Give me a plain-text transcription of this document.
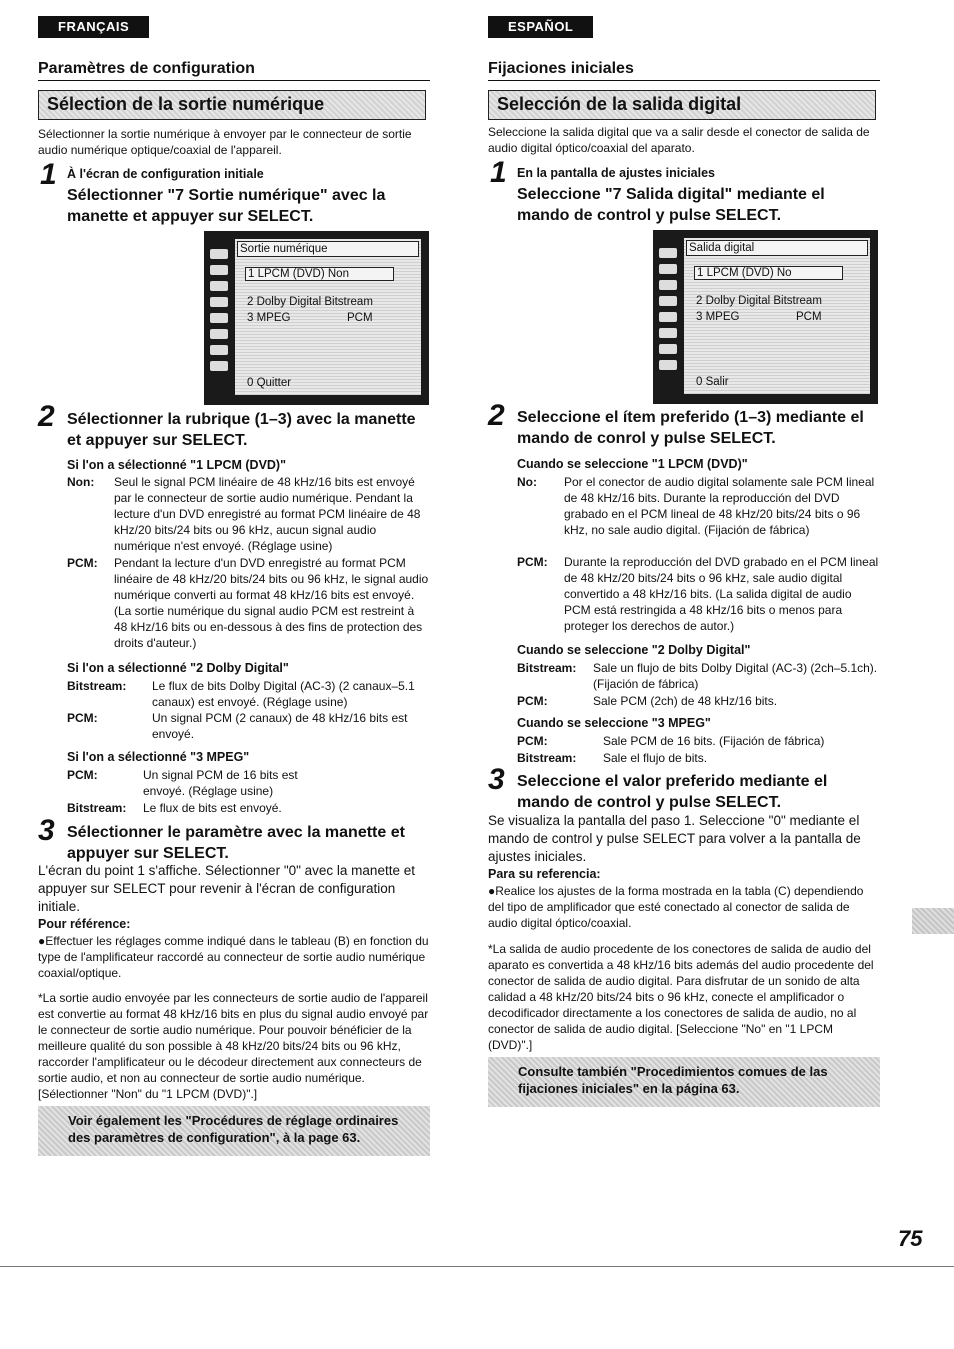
FRANÇAIS
Paramètres de configuration
Sélection de la sortie numérique
Sélectionner la sortie numérique à envoyer par le connecteur de sortie audio numérique optique/coaxial de l'appareil.
1 À l'écran de configuration initiale
Sélectionner "7 Sortie numérique" avec la manette et appuyer sur SELECT.
Sortie numérique
1 LPCM (DVD) Non
2 Dolby Digital Bitstream
3 MPEG	PCM
0 Quitter
2 Sélectionner la rubrique (1–3) avec la manette et appuyer sur SELECT.
Si l'on a sélectionné "1 LPCM (DVD)"
Non: Seul le signal PCM linéaire de 48 kHz/16 bits est envoyé par le connecteur de sortie audio numérique. Pendant la lecture d'un DVD enregistré au format PCM linéaire de 48 kHz/20 bits/24 bits ou 96 kHz, aucun signal audio numérique n'est envoyé. (Réglage usine)
PCM: Pendant la lecture d'un DVD enregistré au format PCM linéaire de 48 kHz/20 bits/24 bits ou 96 kHz, le signal audio numérique converti au format 48 kHz/16 bits est envoyé. (La sortie numérique du signal audio PCM est restreint à 48 kHz/16 bits ou en-dessous à des fins de protection des droits d'auteur.)
Si l'on a sélectionné "2 Dolby Digital"
Bitstream: Le flux de bits Dolby Digital (AC-3) (2 canaux–5.1 canaux) est envoyé. (Réglage usine)
PCM:	Un signal PCM (2 canaux) de 48 kHz/16 bits est envoyé.
Si l'on a sélectionné "3 MPEG"
PCM:	Un signal PCM de 16 bits est envoyé. (Réglage usine)
Bitstream: Le flux de bits est envoyé.
3 Sélectionner le paramètre avec la manette et appuyer sur SELECT.
L'écran du point 1 s'affiche. Sélectionner "0" avec la manette et appuyer sur SELECT pour revenir à l'écran de configuration initiale.
Pour référence:
●Effectuer les réglages comme indiqué dans le tableau (B) en fonction du type de l'amplificateur raccordé au connecteur de sortie audio numérique coaxial/optique.
*La sortie audio envoyée par les connecteurs de sortie audio de l'appareil est convertie au format 48 kHz/16 bits en plus du signal audio envoyé par le connecteur de sortie audio numérique. Pour pouvoir bénéficier de la meilleure qualité du son possible à 48 kHz/20 bits/24 bits ou 96 kHz, raccorder l'amplificateur ou le décodeur directement aux connecteurs de sortie audio, et non au connecteur de sortie audio numérique. [Sélectionner "Non" du "1 LPCM (DVD)".]
Voir également les "Procédures de réglage ordinaires des paramètres de configuration", à la page 63.
ESPAÑOL
Fijaciones iniciales
Selección de la salida digital
Seleccione la salida digital que va a salir desde el conector de salida de audio digital óptico/coaxial del aparato.
1 En la pantalla de ajustes iniciales
Seleccione "7 Salida digital" mediante el mando de control y pulse SELECT.
Salida digital
1 LPCM (DVD) No
2 Dolby Digital Bitstream
3 MPEG	PCM
0 Salir
2 Seleccione el ítem preferido (1–3) mediante el mando de conrol y pulse SELECT.
Cuando se seleccione "1 LPCM (DVD)"
No: Por el conector de audio digital solamente sale PCM lineal de 48 kHz/16 bits. Durante la reproducción del DVD grabado en el PCM lineal de 48 kHz/20 bits/24 bits o 96 kHz, no sale audio digital. (Fijación de fábrica)
PCM: Durante la reproducción del DVD grabado en el PCM lineal de 48 kHz/20 bits/24 bits o 96 kHz, sale audio digital convertido a 48 kHz/16 bits. (La salida digital de audio PCM está restringida a 48 kHz/16 bits o menos para proteger los derechos de autor.)
Cuando se seleccione "2 Dolby Digital"
Bitstream: Sale un flujo de bits Dolby Digital (AC-3) (2ch–5.1ch). (Fijación de fábrica)
PCM:	Sale PCM (2ch) de 48 kHz/16 bits.
Cuando se seleccione "3 MPEG"
PCM:	Sale PCM de 16 bits. (Fijación de fábrica)
Bitstream: Sale el flujo de bits.
3 Seleccione el valor preferido mediante el mando de control y pulse SELECT.
Se visualiza la pantalla del paso 1. Seleccione "0" mediante el mando de control y pulse SELECT para volver a la pantalla de ajustes iniciales.
Para su referencia:
●Realice los ajustes de la forma mostrada en la tabla (C) dependiendo del tipo de amplificador que esté conectado al conector de salida de audio digital óptico/coaxial.
*La salida de audio procedente de los conectores de salida de audio del aparato es convertida a 48 kHz/16 bits además del audio procedente del conector de salida de audio digital. Para disfrutar de un sonido de alta calidad a 48 kHz/20 bits/24 bits o 96 kHz, conecte el amplificador o decodificador directamente a los conectores de salida de audio, no al conector de salida de audio digital. [Seleccione "No" en "1 LPCM (DVD)".]
Consulte también "Procedimientos comues de las fijaciones iniciales" en la página 63.
75
